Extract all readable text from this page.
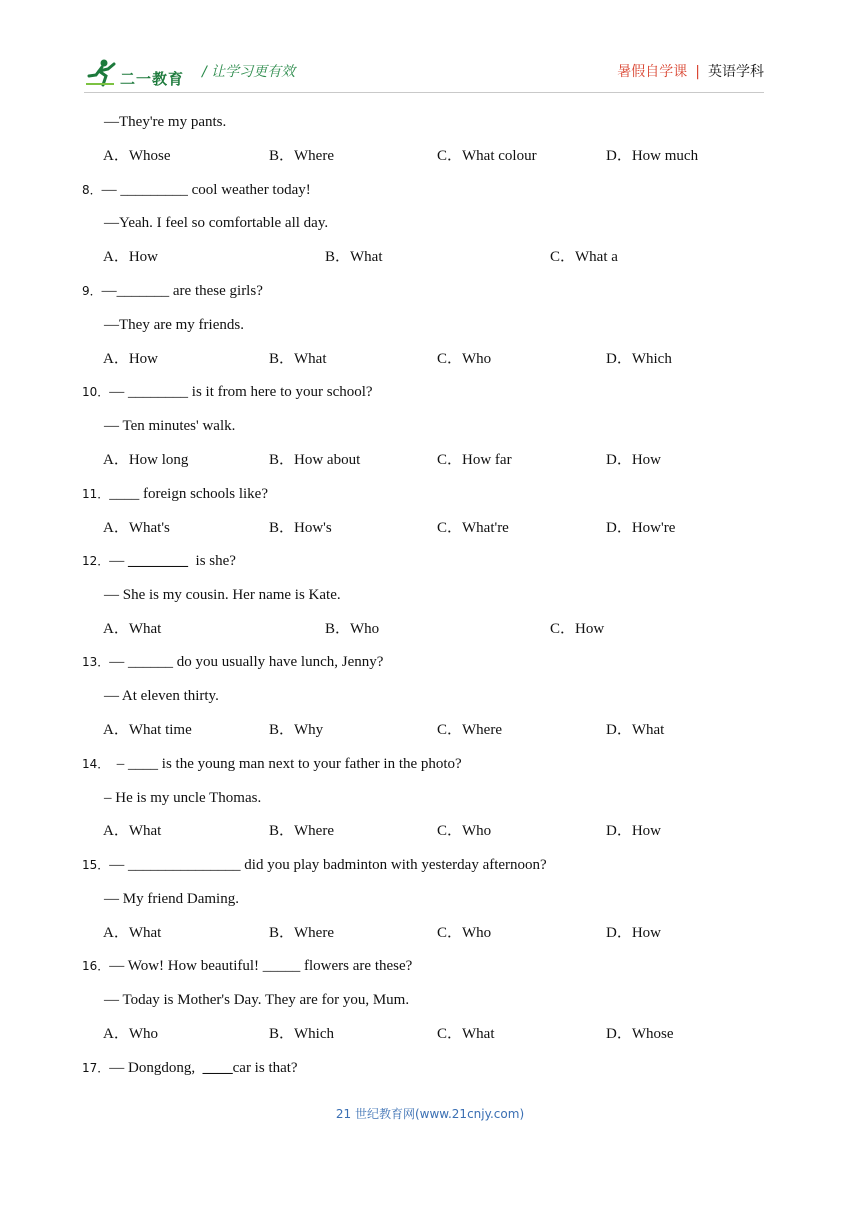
二一教育 / 让学习更有效	暑假自学课 | 英语学科
—They're my pants.
A．Whose	B．Where	C．What colour	D．How much
8．— _________ cool weather today!
—Yeah. I feel so comfortable all day.
A．How	B．What	C．What a
9．—_______ are these girls?
—They are my friends.
A．How	B．What	C．Who	D．Which
10．— ________ is it from here to your school?
— Ten minutes' walk.
A．How long	B．How about	C．How far	D．How
11．____ foreign schools like?
A．What's	B．How's	C．What're	D．How're
12．— ________  is she?
— She is my cousin. Her name is Kate.
A．What	B．Who	C．How
13．— ______ do you usually have lunch, Jenny?
— At eleven thirty.
A．What time	B．Why	C．Where	D．What
14．  – ____ is the young man next to your father in the photo?
– He is my uncle Thomas.
A．What	B．Where	C．Who	D．How
15．— _______________ did you play badminton with yesterday afternoon?
— My friend Daming.
A．What	B．Where	C．Who	D．How
16．— Wow! How beautiful! _____ flowers are these?
— Today is Mother's Day. They are for you, Mum.
A．Who	B．Which	C．What	D．Whose
17．— Dongdong,  ____car is that?
21 世纪教育网(www.21cnjy.com)
